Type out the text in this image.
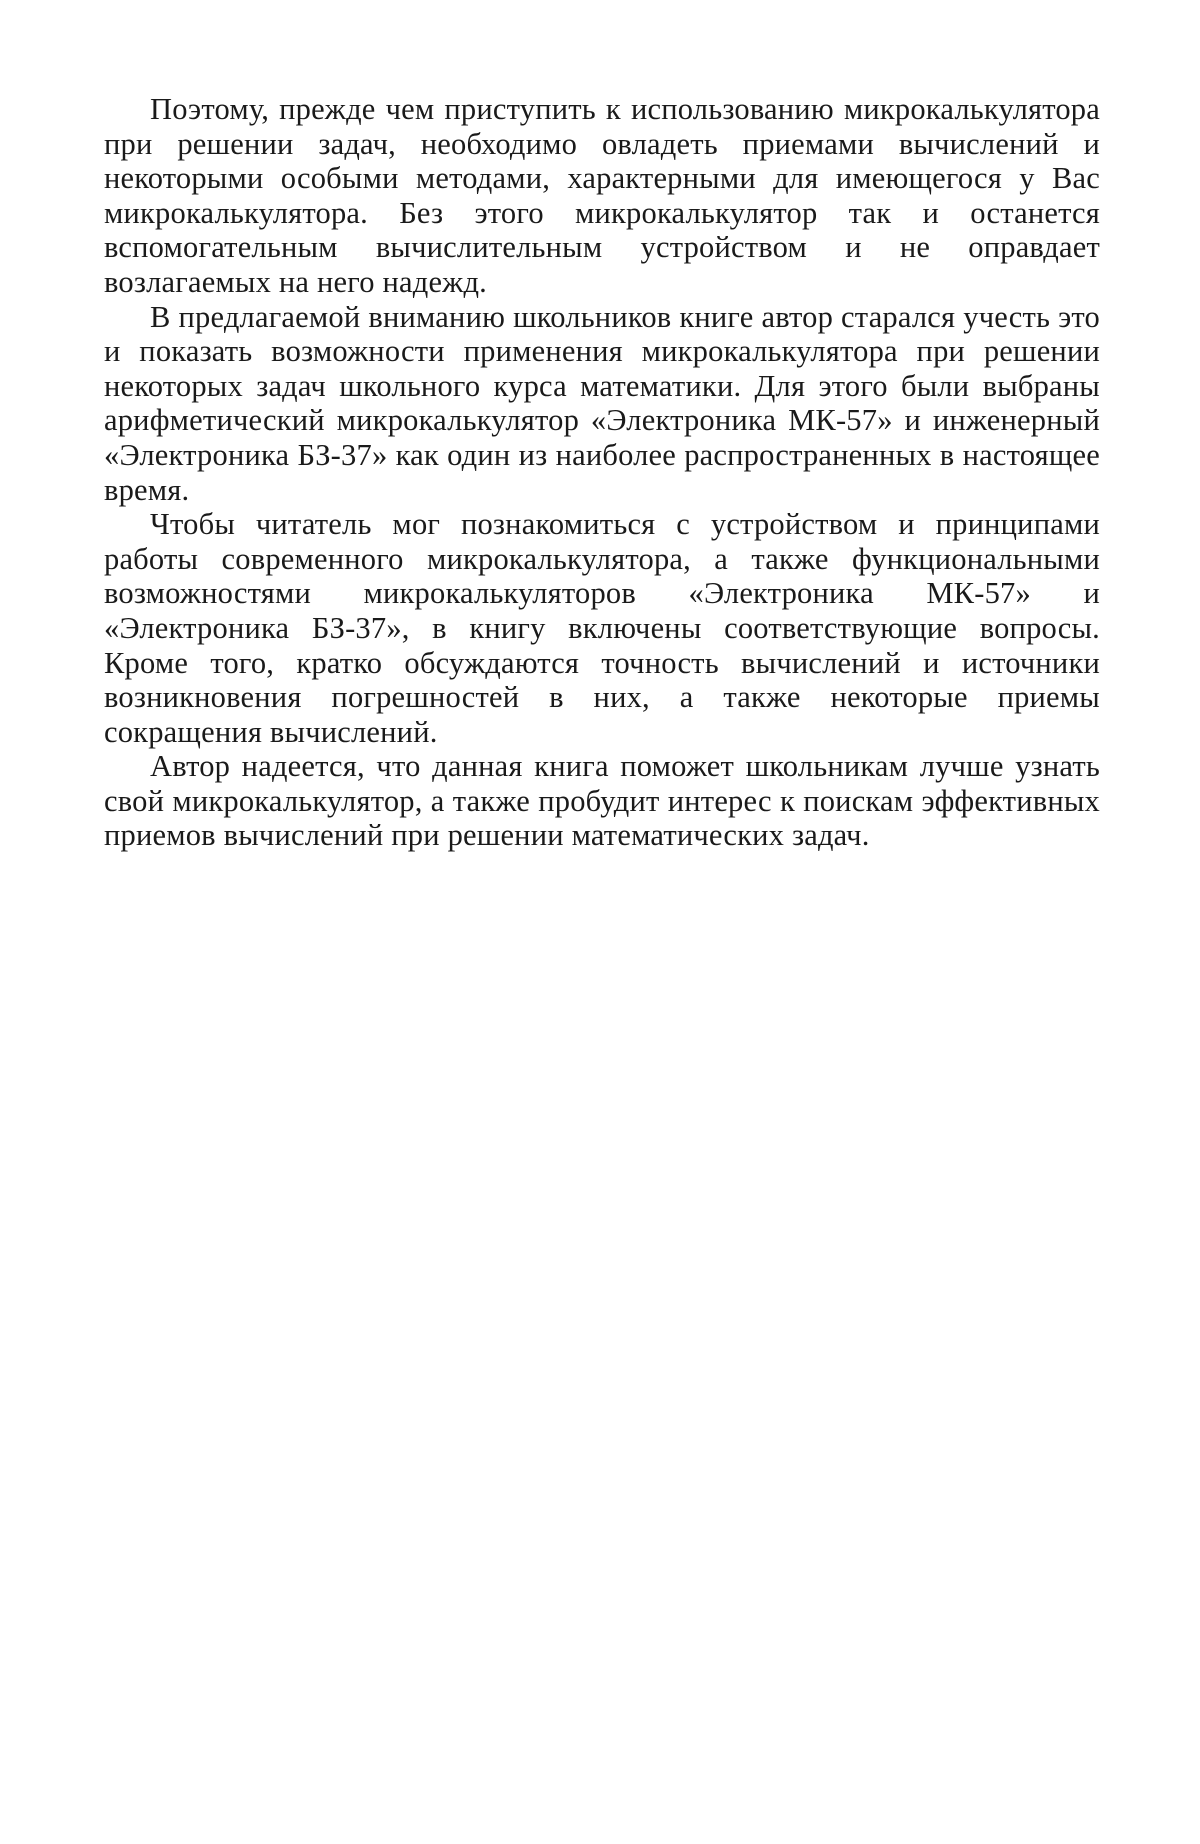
Поэтому, прежде чем приступить к использованию микрокалькулятора при решении задач, необходимо овладеть приемами вычислений и некоторыми особыми методами, характерными для имеющегося у Вас микрокалькулятора. Без этого микрокалькулятор так и останется вспомогательным вычислительным устройством и не оправдает возлагаемых на него надежд.

В предлагаемой вниманию школьников книге автор старался учесть это и показать возможности применения микрокалькулятора при решении некоторых задач школьного курса математики. Для этого были выбраны арифметический микрокалькулятор «Электроника МК-57» и инженерный «Электроника БЗ-37» как один из наиболее распространенных в настоящее время.

Чтобы читатель мог познакомиться с устройством и принципами работы современного микрокалькулятора, а также функциональными возможностями микрокалькуляторов «Электроника МК-57» и «Электроника БЗ-37», в книгу включены соответствующие вопросы. Кроме того, кратко обсуждаются точность вычислений и источники возникновения погрешностей в них, а также некоторые приемы сокращения вычислений.

Автор надеется, что данная книга поможет школьникам лучше узнать свой микрокалькулятор, а также пробудит интерес к поискам эффективных приемов вычислений при решении математических задач.
